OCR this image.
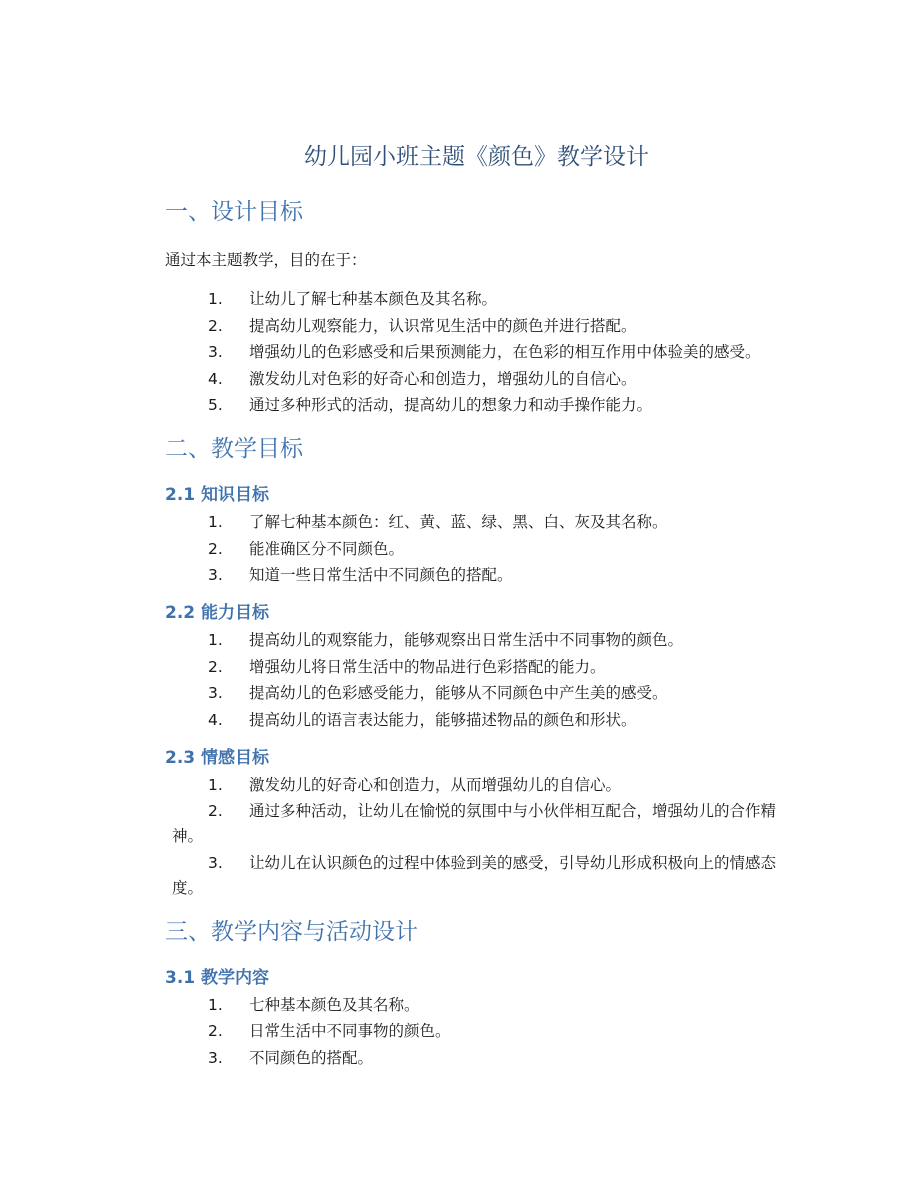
幼儿园小班主题《颜色》教学设计
一、设计目标

通过本主题教学，目的在于：

1. 让幼儿了解七种基本颜色及其名称。
2. 提高幼儿观察能力，认识常见生活中的颜色并进行搭配。
3. 增强幼儿的色彩感受和后果预测能力，在色彩的相互作用中体验美的感受。
4. 激发幼儿对色彩的好奇心和创造力，增强幼儿的自信心。
5. 通过多种形式的活动，提高幼儿的想象力和动手操作能力。
二、教学目标
2.1 知识目标
1. 了解七种基本颜色：红、黄、蓝、绿、黑、白、灰及其名称。
2. 能准确区分不同颜色。
3. 知道一些日常生活中不同颜色的搭配。
2.2 能力目标
1. 提高幼儿的观察能力，能够观察出日常生活中不同事物的颜色。
2. 增强幼儿将日常生活中的物品进行色彩搭配的能力。
3. 提高幼儿的色彩感受能力，能够从不同颜色中产生美的感受。
4. 提高幼儿的语言表达能力，能够描述物品的颜色和形状。
2.3 情感目标
1. 激发幼儿的好奇心和创造力，从而增强幼儿的自信心。
2. 通过多种活动，让幼儿在愉悦的氛围中与小伙伴相互配合，增强幼儿的合作精神。
3. 让幼儿在认识颜色的过程中体验到美的感受，引导幼儿形成积极向上的情感态度。
三、教学内容与活动设计
3.1 教学内容
1. 七种基本颜色及其名称。
2. 日常生活中不同事物的颜色。
3. 不同颜色的搭配。
